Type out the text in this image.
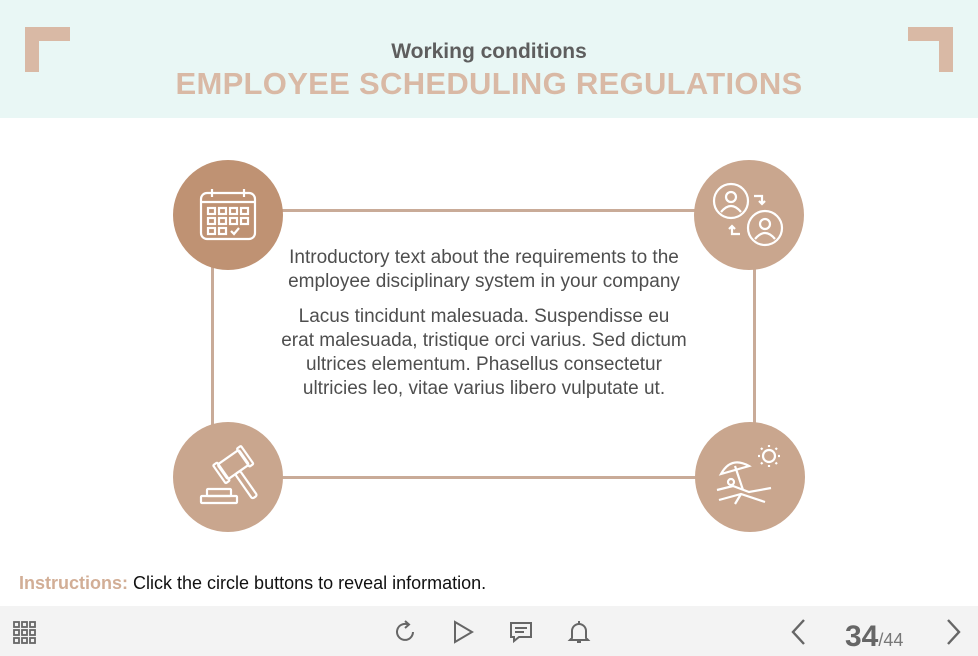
Working conditions
EMPLOYEE SCHEDULING REGULATIONS

Introductory text about the requirements to the employee disciplinary system in your company

Lacus tincidunt malesuada. Suspendisse eu erat malesuada, tristique orci varius. Sed dictum ultrices elementum. Phasellus consectetur ultricies leo, vitae varius libero vulputate ut.

Instructions: Click the circle buttons to reveal information.
34/44
